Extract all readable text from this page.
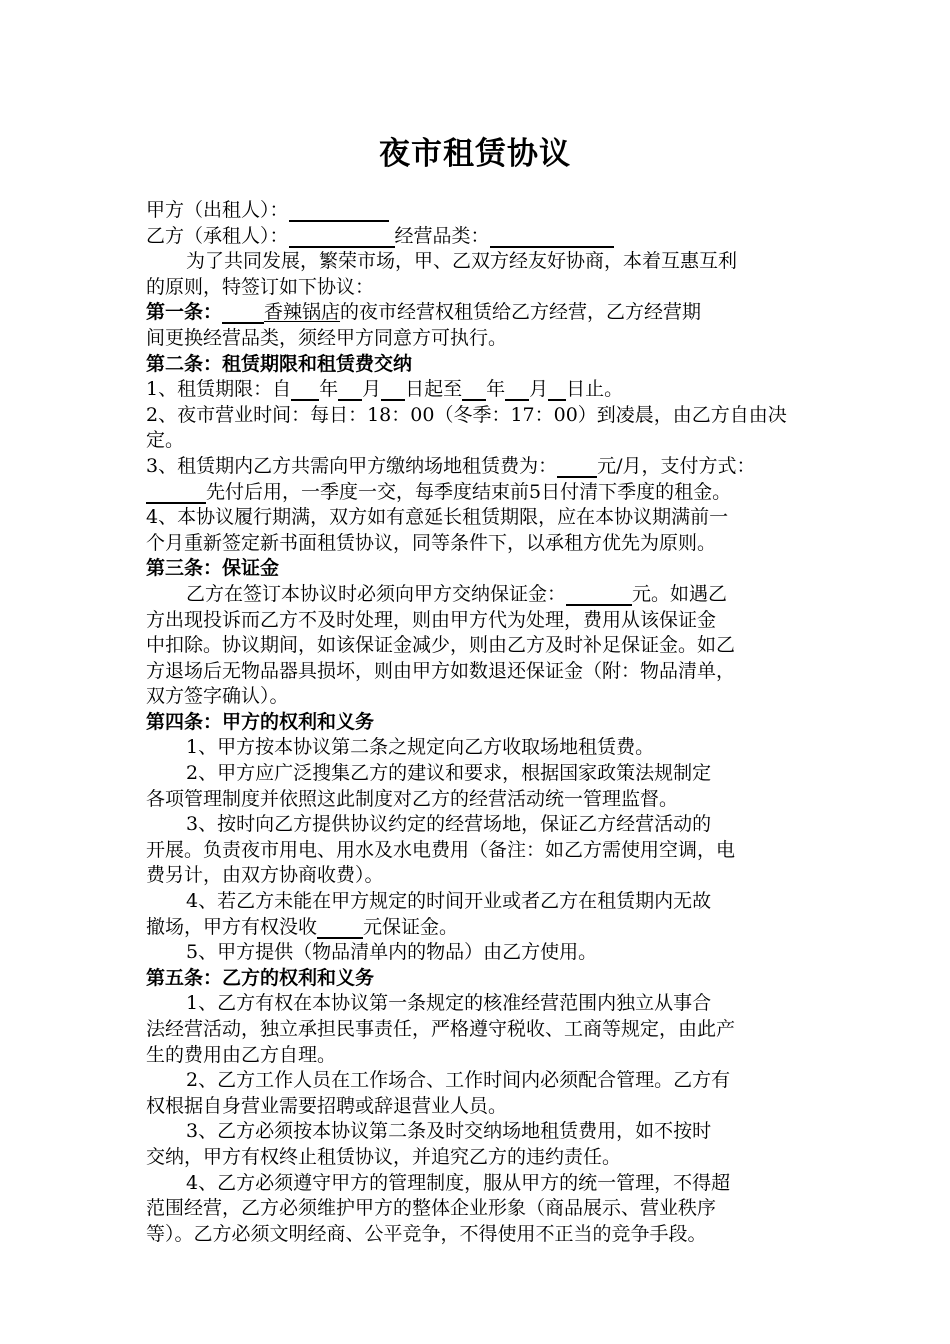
夜市租赁协议
甲方（出租人）：
乙方（承租人）：	经营品类：
为了共同发展，繁荣市场，甲、乙双方经友好协商，本着互惠互利
的原则，特签订如下协议：
第一条： 香辣锅店的夜市经营权租赁给乙方经营，乙方经营期
间更换经营品类，须经甲方同意方可执行。
第二条：租赁期限和租赁费交纳
1、租赁期限：自 年 月 日起至 年 月 日止。
2、夜市营业时间：每日：18：00（冬季：17：00）到凌晨，由乙方自由决
定。
3、租赁期内乙方共需向甲方缴纳场地租赁费为： 元/月，支付方式：
先付后用，一季度一交，每季度结束前5日付清下季度的租金。
4、本协议履行期满，双方如有意延长租赁期限，应在本协议期满前一
个月重新签定新书面租赁协议，同等条件下，以承租方优先为原则。
第三条：保证金
乙方在签订本协议时必须向甲方交纳保证金：	元。如遇乙
方出现投诉而乙方不及时处理，则由甲方代为处理，费用从该保证金
中扣除。协议期间，如该保证金减少，则由乙方及时补足保证金。如乙
方退场后无物品器具损坏，则由甲方如数退还保证金（附：物品清单，
双方签字确认）。
第四条：甲方的权利和义务
1、甲方按本协议第二条之规定向乙方收取场地租赁费。
2、甲方应广泛搜集乙方的建议和要求，根据国家政策法规制定
各项管理制度并依照这此制度对乙方的经营活动统一管理监督。
3、按时向乙方提供协议约定的经营场地，保证乙方经营活动的
开展。负责夜市用电、用水及水电费用（备注：如乙方需使用空调，电
费另计，由双方协商收费）。
4、若乙方未能在甲方规定的时间开业或者乙方在租赁期内无故
撤场，甲方有权没收 元保证金。
5、甲方提供（物品清单内的物品）由乙方使用。
第五条：乙方的权利和义务
1、乙方有权在本协议第一条规定的核准经营范围内独立从事合
法经营活动，独立承担民事责任，严格遵守税收、工商等规定，由此产
生的费用由乙方自理。
2、乙方工作人员在工作场合、工作时间内必须配合管理。乙方有
权根据自身营业需要招聘或辞退营业人员。
3、乙方必须按本协议第二条及时交纳场地租赁费用，如不按时
交纳，甲方有权终止租赁协议，并追究乙方的违约责任。
4、乙方必须遵守甲方的管理制度，服从甲方的统一管理，不得超
范围经营，乙方必须维护甲方的整体企业形象（商品展示、营业秩序
等）。乙方必须文明经商、公平竞争，不得使用不正当的竞争手段。
